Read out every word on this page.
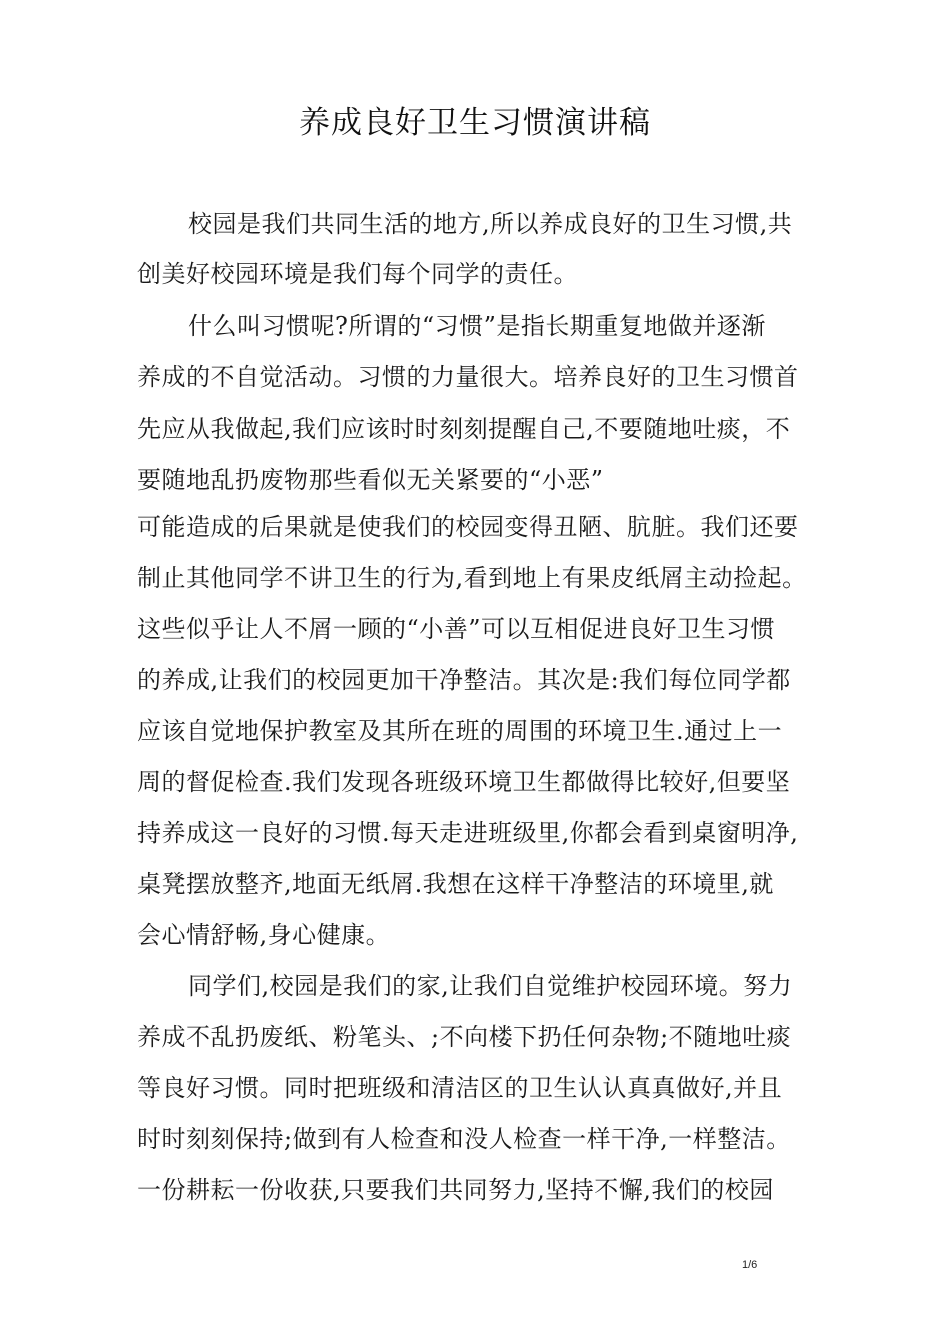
养成良好卫生习惯演讲稿
校园是我们共同生活的地方,所以养成良好的卫生习惯,共
创美好校园环境是我们每个同学的责任。
什么叫习惯呢?所谓的“习惯”是指长期重复地做并逐渐
养成的不自觉活动。习惯的力量很大。培养良好的卫生习惯首
先应从我做起,我们应该时时刻刻提醒自己,不要随地吐痰，不
要随地乱扔废物那些看似无关紧要的“小恶”
可能造成的后果就是使我们的校园变得丑陋、肮脏。我们还要
制止其他同学不讲卫生的行为,看到地上有果皮纸屑主动捡起。
这些似乎让人不屑一顾的“小善”可以互相促进良好卫生习惯
的养成,让我们的校园更加干净整洁。其次是:我们每位同学都
应该自觉地保护教室及其所在班的周围的环境卫生.通过上一
周的督促检查.我们发现各班级环境卫生都做得比较好,但要坚
持养成这一良好的习惯.每天走进班级里,你都会看到桌窗明净,
桌凳摆放整齐,地面无纸屑.我想在这样干净整洁的环境里,就
会心情舒畅,身心健康。
同学们,校园是我们的家,让我们自觉维护校园环境。努力
养成不乱扔废纸、粉笔头、;不向楼下扔任何杂物;不随地吐痰
等良好习惯。同时把班级和清洁区的卫生认认真真做好,并且
时时刻刻保持;做到有人检查和没人检查一样干净,一样整洁。
一份耕耘一份收获,只要我们共同努力,坚持不懈,我们的校园
1/6
